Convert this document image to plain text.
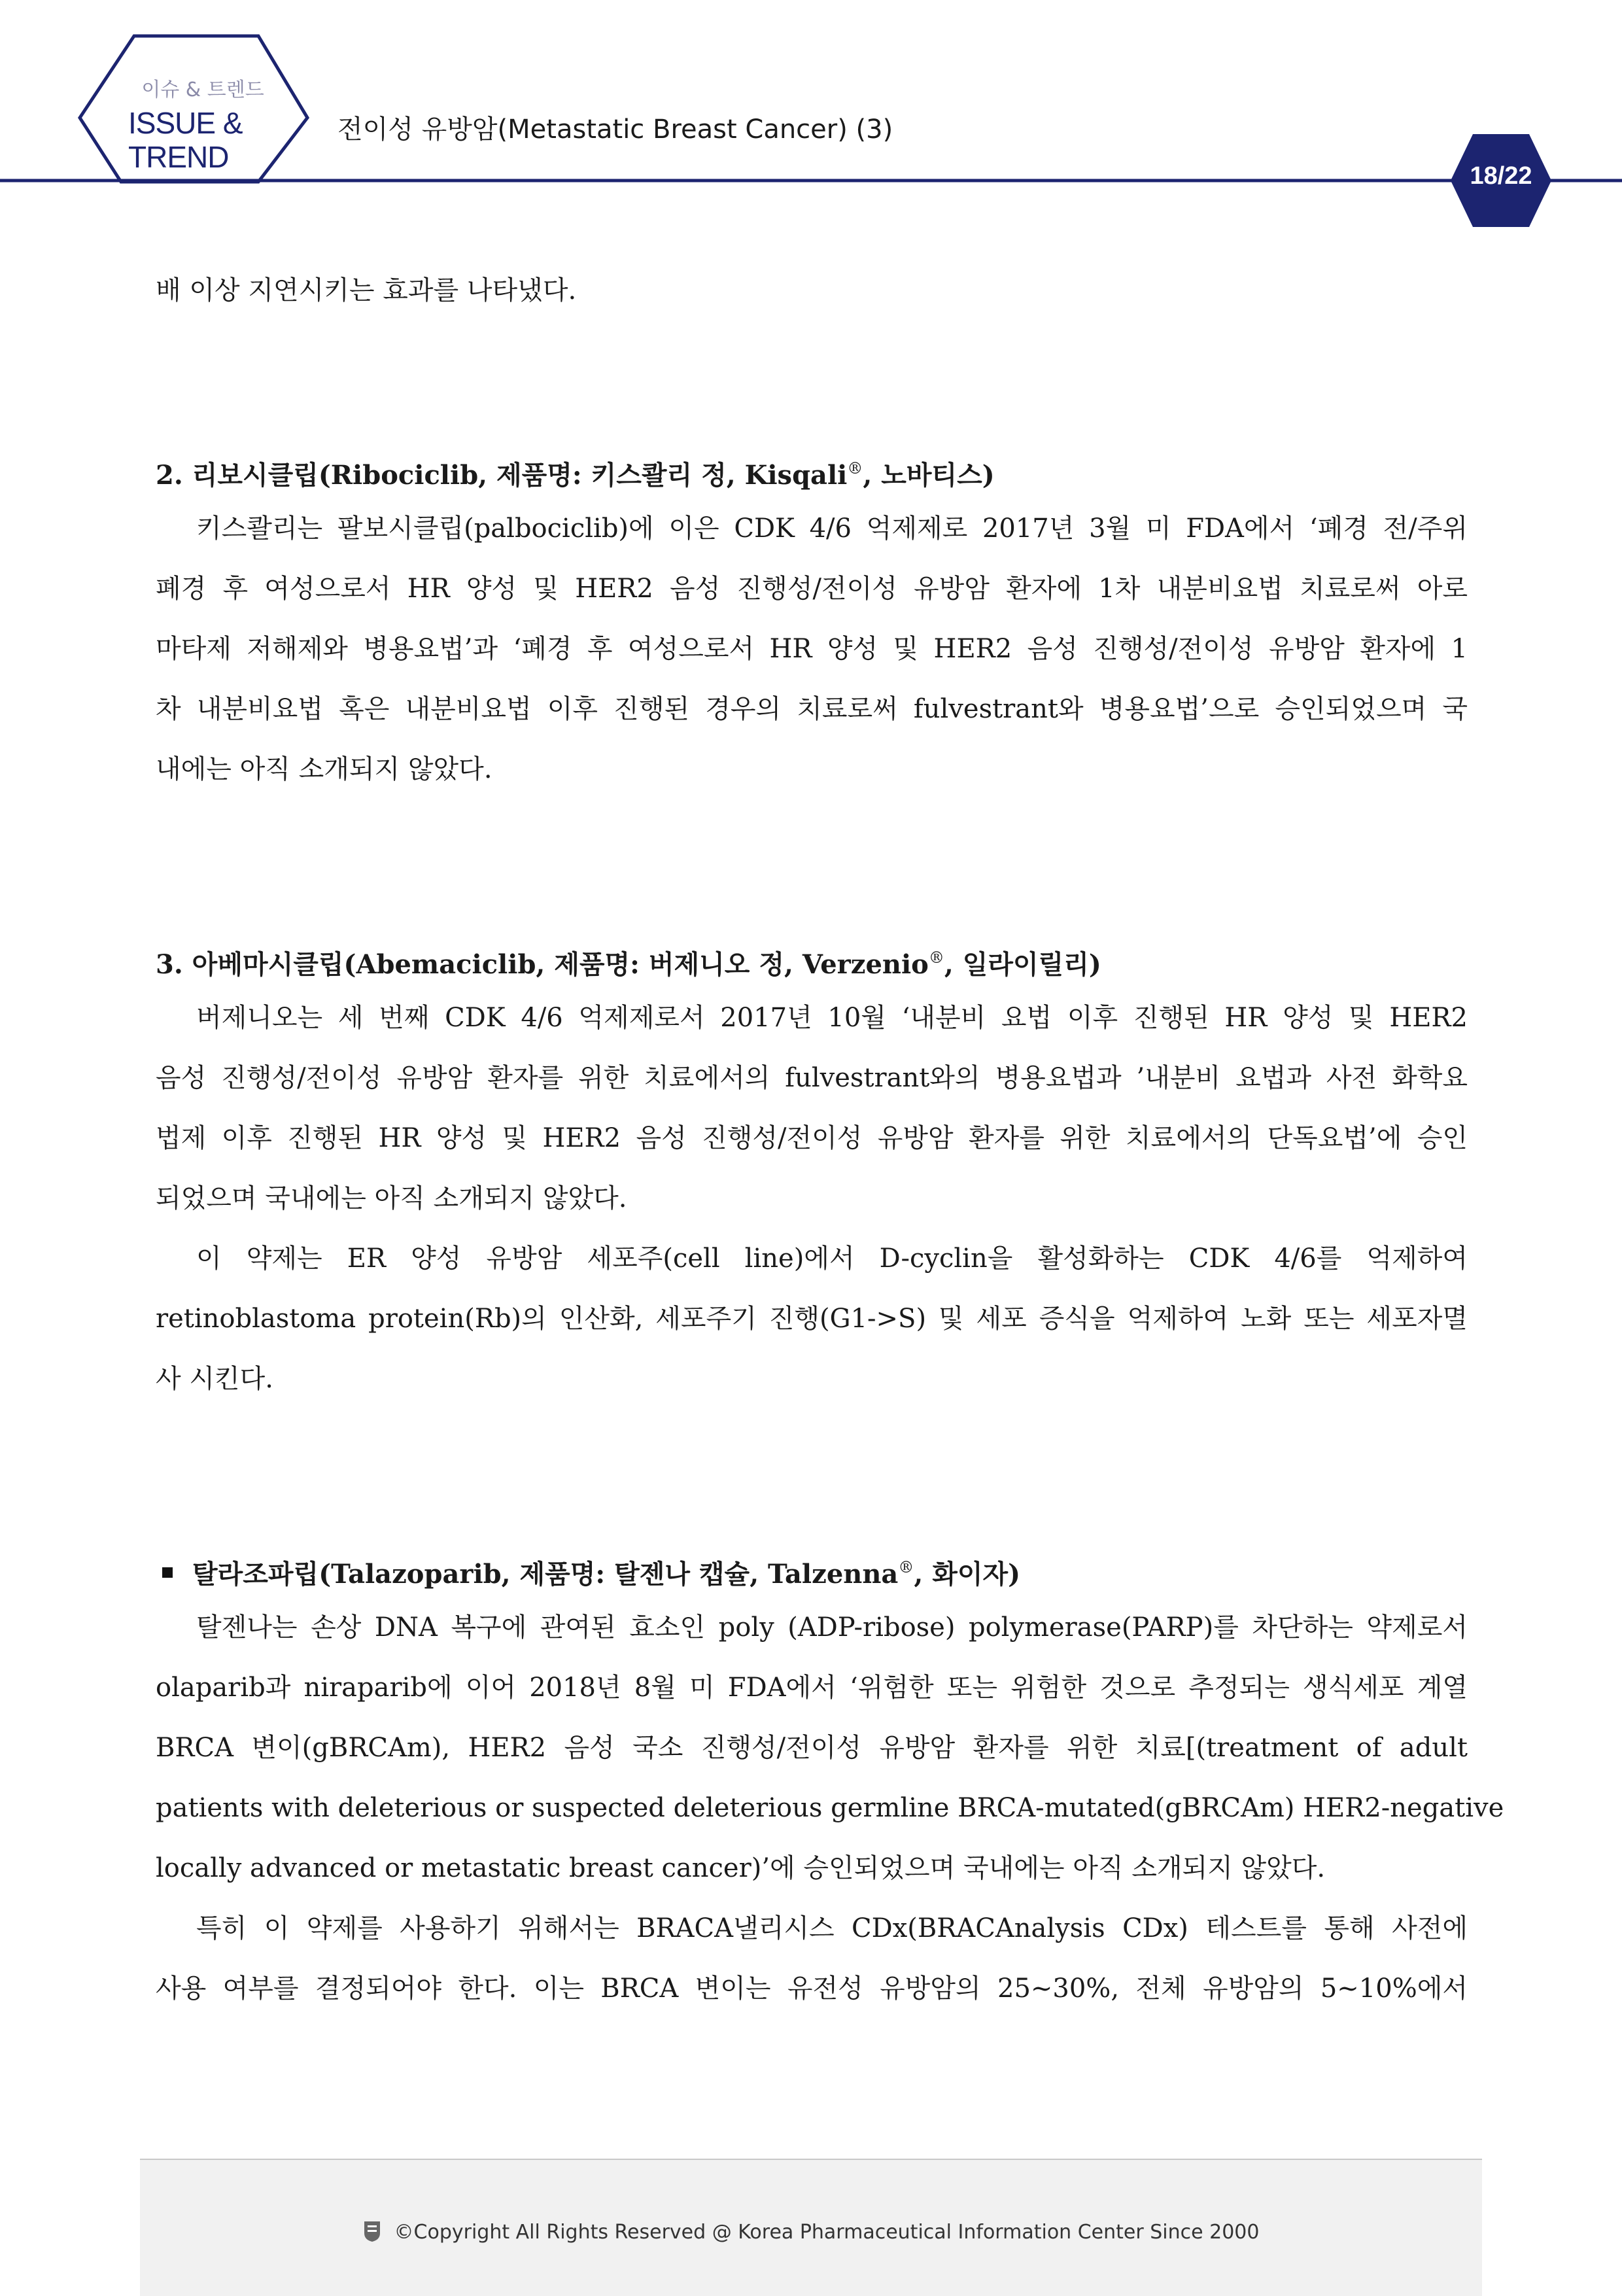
이슈 & 트렌드
ISSUE &
TREND
전이성 유방암(Metastatic Breast Cancer) (3)
18/22
배 이상 지연시키는 효과를 나타냈다.
2. 리보시클립(Ribociclib, 제품명: 키스콸리 정, Kisqali®, 노바티스)
키스콸리는 팔보시클립(palbociclib)에 이은 CDK 4/6 억제제로 2017년 3월 미 FDA에서 ‘폐경 전/주위
폐경 후 여성으로서 HR 양성 및 HER2 음성 진행성/전이성 유방암 환자에 1차 내분비요법 치료로써 아로
마타제 저해제와 병용요법’과 ‘폐경 후 여성으로서 HR 양성 및 HER2 음성 진행성/전이성 유방암 환자에 1
차 내분비요법 혹은 내분비요법 이후 진행된 경우의 치료로써 fulvestrant와 병용요법’으로 승인되었으며 국
내에는 아직 소개되지 않았다.
3. 아베마시클립(Abemaciclib, 제품명: 버제니오 정, Verzenio®, 일라이릴리)
버제니오는 세 번째 CDK 4/6 억제제로서 2017년 10월 ‘내분비 요법 이후 진행된 HR 양성 및 HER2
음성 진행성/전이성 유방암 환자를 위한 치료에서의 fulvestrant와의 병용요법과 ’내분비 요법과 사전 화학요
법제 이후 진행된 HR 양성 및 HER2 음성 진행성/전이성 유방암 환자를 위한 치료에서의 단독요법’에 승인
되었으며 국내에는 아직 소개되지 않았다.
이 약제는 ER 양성 유방암 세포주(cell line)에서 D-cyclin을 활성화하는 CDK 4/6를 억제하여
retinoblastoma protein(Rb)의 인산화, 세포주기 진행(G1->S) 및 세포 증식을 억제하여 노화 또는 세포자멸
사 시킨다.
탈라조파립(Talazoparib, 제품명: 탈젠나 캡슐, Talzenna®, 화이자)
탈젠나는 손상 DNA 복구에 관여된 효소인 poly (ADP-ribose) polymerase(PARP)를 차단하는 약제로서
olaparib과 niraparib에 이어 2018년 8월 미 FDA에서 ‘위험한 또는 위험한 것으로 추정되는 생식세포 계열
BRCA 변이(gBRCAm), HER2 음성 국소 진행성/전이성 유방암 환자를 위한 치료[(treatment of adult
patients with deleterious or suspected deleterious germline BRCA-mutated(gBRCAm) HER2-negative
locally advanced or metastatic breast cancer)’에 승인되었으며 국내에는 아직 소개되지 않았다.
특히 이 약제를 사용하기 위해서는 BRACA낼리시스 CDx(BRACAnalysis CDx) 테스트를 통해 사전에
사용 여부를 결정되어야 한다. 이는 BRCA 변이는 유전성 유방암의 25~30%, 전체 유방암의 5~10%에서
©Copyright All Rights Reserved @ Korea Pharmaceutical Information Center Since 2000
